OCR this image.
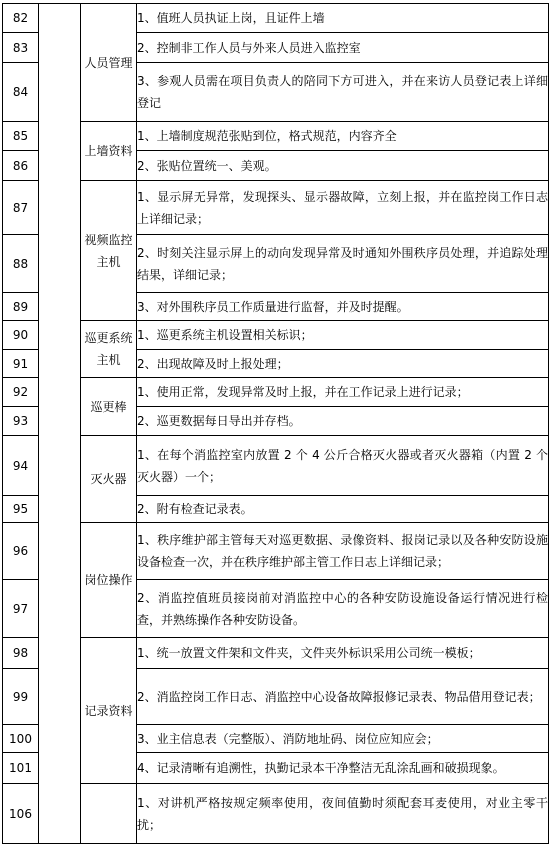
82		人员管理	1、值班人员执证上岗，且证件上墙
83			2、控制非工作人员与外来人员进入监控室
84			3、参观人员需在项目负责人的陪同下方可进入，并在来访人员登记表上详细登记
85		上墙资料	1、上墙制度规范张贴到位，格式规范，内容齐全
86			2、张贴位置统一、美观。
87		视频监控主机	1、显示屏无异常，发现探头、显示器故障，立刻上报，并在监控岗工作日志上详细记录；
88			2、时刻关注显示屏上的动向发现异常及时通知外围秩序员处理，并追踪处理结果，详细记录；
89			3、对外围秩序员工作质量进行监督，并及时提醒。
90		巡更系统主机	1、巡更系统主机设置相关标识；
91			2、出现故障及时上报处理；
92		巡更棒	1、使用正常，发现异常及时上报，并在工作记录上进行记录；
93			2、巡更数据每日导出并存档。
94		灭火器	1、在每个消监控室内放置 2 个 4 公斤合格灭火器或者灭火器箱（内置 2 个灭火器）一个；
95			2、附有检查记录表。
96		岗位操作	1、秩序维护部主管每天对巡更数据、录像资料、报岗记录以及各种安防设施设备检查一次，并在秩序维护部主管工作日志上详细记录；
97			2、消监控值班员接岗前对消监控中心的各种安防设施设备运行情况进行检查，并熟练操作各种安防设备。
98		记录资料	1、统一放置文件架和文件夹，文件夹外标识采用公司统一模板；
99			2、消监控岗工作日志、消监控中心设备故障报修记录表、物品借用登记表；
100			3、业主信息表（完整版）、消防地址码、岗位应知应会；
101			4、记录清晰有追溯性，执勤记录本干净整洁无乱涂乱画和破损现象。
106			1、对讲机严格按规定频率使用，夜间值勤时须配套耳麦使用，对业主零干扰；
